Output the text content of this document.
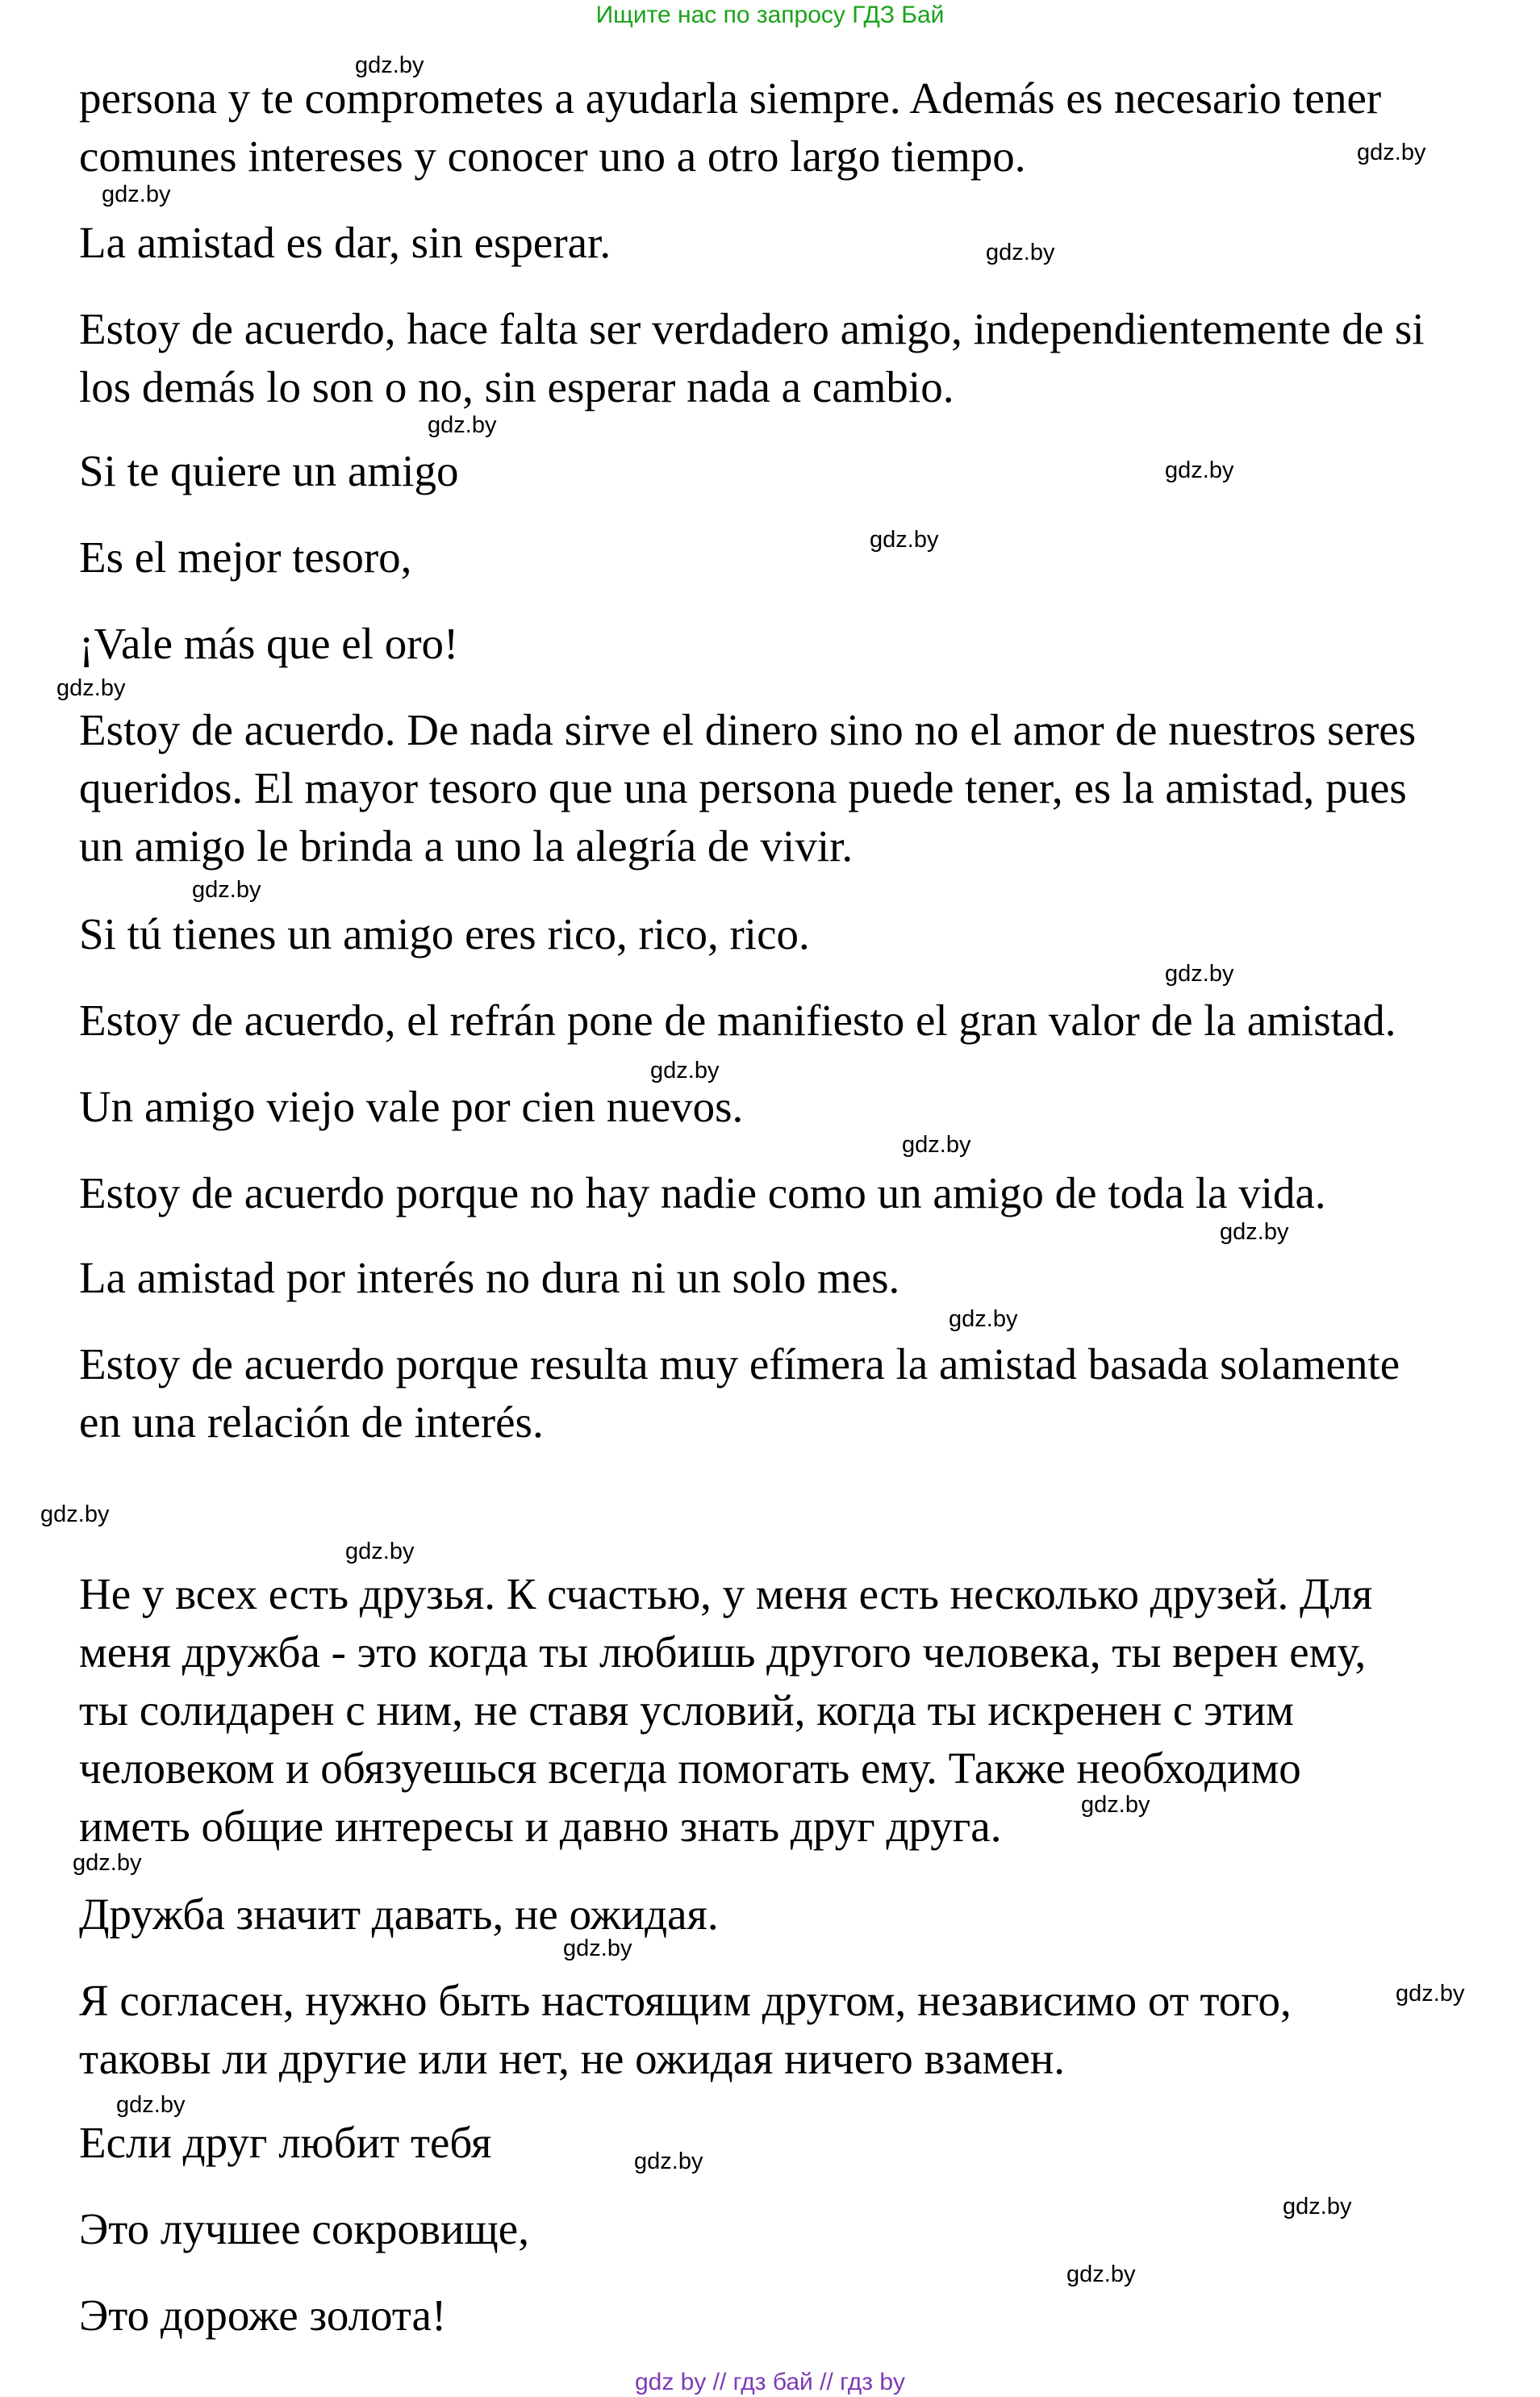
Ищите нас по запросу ГДЗ Бай
persona y te comprometes a ayudarla siempre. Además es necesario tener
comunes intereses y conocer uno a otro largo tiempo.
La amistad es dar, sin esperar.
Estoy de acuerdo, hace falta ser verdadero amigo, independientemente de si
los demás lo son o no, sin esperar nada a cambio.
Si te quiere un amigo
Es el mejor tesoro,
¡Vale más que el oro!
Estoy de acuerdo. De nada sirve el dinero sino no el amor de nuestros seres
queridos. El mayor tesoro que una persona puede tener, es la amistad, pues
un amigo le brinda a uno la alegría de vivir.
Si tú tienes un amigo eres rico, rico, rico.
Estoy de acuerdo, el refrán pone de manifiesto el gran valor de la amistad.
Un amigo viejo vale por cien nuevos.
Estoy de acuerdo porque no hay nadie como un amigo de toda la vida.
La amistad por interés no dura ni un solo mes.
Estoy de acuerdo porque resulta muy efímera la amistad basada solamente
en una relación de interés.
Не у всех есть друзья. К счастью, у меня есть несколько друзей. Для
меня дружба - это когда ты любишь другого человека, ты верен ему,
ты солидарен с ним, не ставя условий, когда ты искренен с этим
человеком и обязуешься всегда помогать ему. Также необходимо
иметь общие интересы и давно знать друг друга.
Дружба значит давать, не ожидая.
Я согласен, нужно быть настоящим другом, независимо от того,
таковы ли другие или нет, не ожидая ничего взамен.
Если друг любит тебя
Это лучшее сокровище,
Это дороже золота!
gdz.by
gdz.by
gdz.by
gdz.by
gdz.by
gdz.by
gdz.by
gdz.by
gdz.by
gdz.by
gdz.by
gdz.by
gdz.by
gdz.by
gdz.by
gdz.by
gdz.by
gdz.by
gdz.by
gdz.by
gdz.by
gdz.by
gdz.by
gdz.by
gdz by // гдз бай // гдз by
